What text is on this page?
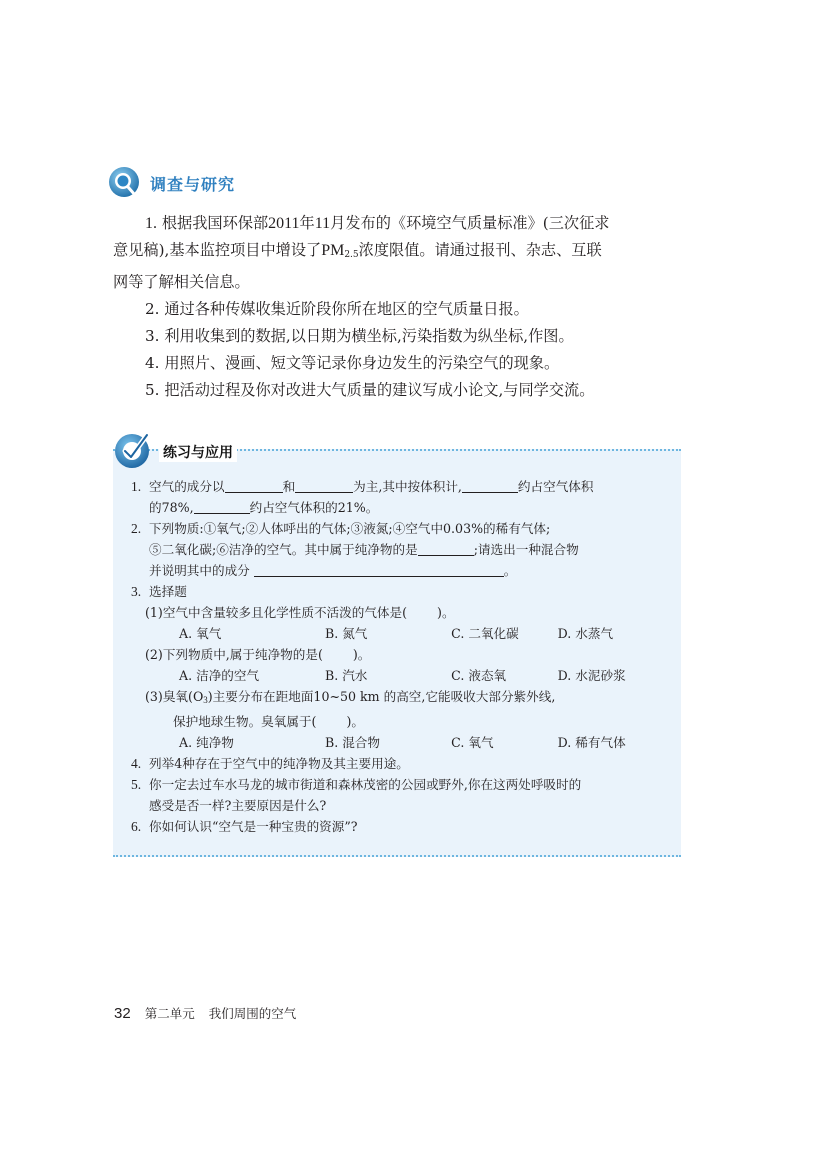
调查与研究

1. 根据我国环保部2011年11月发布的《环境空气质量标准》(三次征求

意见稿),基本监控项目中增设了$PM_{2.5}$浓度限值。请通过报刊、杂志、互联

网等了解相关信息。

2. 通过各种传媒收集近阶段你所在地区的空气质量日报。

3. 利用收集到的数据,以日期为横坐标,污染指数为纵坐标,作图。

4. 用照片、漫画、短文等记录你身边发生的污染空气的现象。

5. 把活动过程及你对改进大气质量的建议写成小论文,与同学交流。

练习与应用

1. 空气的成分以	和	为主,其中按体积计,	约占空气体积

的78%,	约占空气体积的21%。

2. 下列物质:①氧气;②人体呼出的气体;③液氮;④空气中0.03%的稀有气体;

⑤二氧化碳;⑥洁净的空气。其中属于纯净物的是	;请选出一种混合物

并说明其中的成分	。

3. 选择题

(1)空气中含量较多且化学性质不活泼的气体是( )。

A. 氧气	B. 氮气	C. 二氧化碳	D. 水蒸气

(2)下列物质中,属于纯净物的是( )。

A. 洁净的空气	B. 汽水	C. 液态氧	D. 水泥砂浆

(3)臭氧$(O_3)$主要分布在距地面10~50 km 的高空,它能吸收大部分紫外线,

保护地球生物。臭氧属于( )。

A. 纯净物	B. 混合物	C. 氧气	D. 稀有气体

4. 列举4种存在于空气中的纯净物及其主要用途。

5. 你一定去过车水马龙的城市街道和森林茂密的公园或野外,你在这两处呼吸时的

感受是否一样?主要原因是什么?

6. 你如何认识“空气是一种宝贵的资源”?

32 第二单元 我们周围的空气
